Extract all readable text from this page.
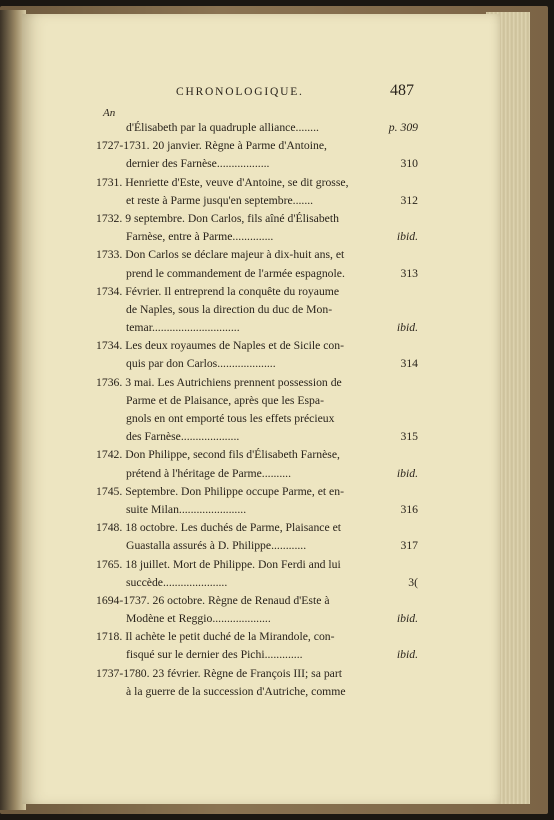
CHRONOLOGIQUE.	487
An
d'Élisabeth par la quadruple alliance........	p. 309
1727-1731. 20 janvier. Règne à Parme d'Antoine,
dernier des Farnèse..................	310
1731. Henriette d'Este, veuve d'Antoine, se dit grosse,
et reste à Parme jusqu'en septembre.......	312
1732. 9 septembre. Don Carlos, fils aîné d'Élisabeth
Farnèse, entre à Parme..............	ibid.
1733. Don Carlos se déclare majeur à dix-huit ans, et
prend le commandement de l'armée espagnole.	313
1734. Février. Il entreprend la conquête du royaume
de Naples, sous la direction du duc de Mon-
temar..............................	ibid.
1734. Les deux royaumes de Naples et de Sicile con-
quis par don Carlos....................	314
1736. 3 mai. Les Autrichiens prennent possession de
Parme et de Plaisance, après que les Espa-
gnols en ont emporté tous les effets précieux
des Farnèse....................	315
1742. Don Philippe, second fils d'Élisabeth Farnèse,
prétend à l'héritage de Parme..........	ibid.
1745. Septembre. Don Philippe occupe Parme, et en-
suite Milan.......................	316
1748. 18 octobre. Les duchés de Parme, Plaisance et
Guastalla assurés à D. Philippe............	317
1765. 18 juillet. Mort de Philippe. Don Ferdi and lui
succède......................	3(
1694-1737. 26 octobre. Règne de Renaud d'Este à
Modène et Reggio....................	ibid.
1718. Il achète le petit duché de la Mirandole, con-
fisqué sur le dernier des Pichi.............	ibid.
1737-1780. 23 février. Règne de François III; sa part
à la guerre de la succession d'Autriche, comme
